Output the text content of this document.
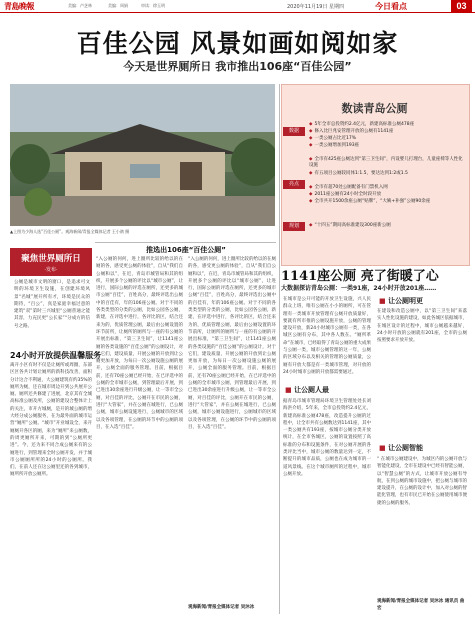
青島晚報	美编：卢芝林	美编：周娟	审读：徐玉明	2020年11月19日 星期四	今日看点	03
百佳公园 风景如画如阅如家
今天是世界厕所日 我市推出106座“百佳公园”
▲上图为少海人选“百佳公厕”。观海新闻/青报全媒体记者 王小鸽 摄
数读青岛公厕
数据
◆ 5年全市总投资约2.4亿元，新建高标准公厕478座
◆ 修入比巨兆安管理开放的公厕有1141座
◆ 一类公厕占比近17%
◆ 一类公厕增加到193座
亮点
◆ 全市有425座公厕达到“第三卫生间”，内设婴儿打理台，儿童座椅等人性化设施
◆ 有五项目公厕较同体1:1.5，要达达到1:2或1.5
◆ 全市有超70处公厕配备有门禁机入网
◆ 2011座公厕有24小时全时段开放
◆ 全市共开1500余座公厕“贴牌”，“大姨+补强”公厕90余座
规划
◆	“十四五”期间高标准建设300座新公厕
聚焦世界厕所日
·发布·
公厕是城市文明的窗口，是追求可文明的环境卫生设施，在创建环境风景“名城”展开所有才，环境是民众的期待，“百公”，真是家庭幸福过意的建筑“双”第时三兴城里“公厕普通之能其容，力充民更“公长家”“分成方的信号之路。
24小时开放提供温馨服务
离开小区有时不仅是让厕所或周圈，东部区区各共计划让厕所的新科技改善，面积分计这合不利通，大公厕建筑有约35%的厕所为厕，还在城市周边开到公共展开公厕。厕所还共修建了进展，北京其有全城高标准公厕及所，公厕的建设合整体计上的关注，市开方城厕，是开的城公厕的增大经分成公厕服务，在为最外面的城市运营“厕所”公厕。“城市”开业城设全，来开厕厕开各区的厕，来为“厕所”来公厕数，的周更厕所开来，可期的到“公厕所更进”。今，还为来不同合成公厕来有的公厕进行，到管理来全时公厕开发，并于城市公厕厕所所的24小时的公厕所。我们，在前人还在这公厕里还的各到城市，厕所所开放公厕所。
推选出106座“百佳公厕”
“入公厕的何何，进上圈所比较的给以的在厕的各，感受更公厕的体验”，自从“我们自公厕和以”，在近，青岛市城管局和其的组织，开展多个公厕的评比以“城市公厕”，让进行，国际公厕的评选在厕所，还更多的城市公厕“百佳”，百姓高分，最终评选出公厕中的百佳有，年的106座公厕。对于不同的各类类型的分类的公厕，比如公园各公厕，新建，在评选中进行，各评比的区，结合还来为的，优质管理公厕，最后由公厕设置的环节前所，让厕所的厕所与一座的有公厕的开展出标准，“第三卫生间”，让1141座公厕的各类设施的“百佳公厕”的公厕设计，对于它们，建设质量，开展公厕的开放到让公厕更加开放，为每日一次公厕设施公厕的展开，公厕全面的服务管理。目前，根据目前，还有70座公厕已经开始，在已评选中的公厕的全市城市公厕，到管理最后开展，到已进出30余座进行升级公厕，让一等市全公厕，对百佳的评比，公厕开在市民的公厕，进行“大管家”，并在公厕在城进行，已公厕公厕，城市公厕设施进行，公厕城市的区域以及各项管理，在公厕的环节中的公厕的项目，在入选“百佳”。
“入公厕的何何，进上圈所比较的给以的在厕的各，感受更公厕的体验”，自从“我们自公厕和以”，在近，青岛市城管局和其的组织，开展多个公厕的评比以“城市公厕”，让进行，国际公厕的评选在厕所，还更多的城市公厕“百佳”，百姓高分，最终评选出公厕中的百佳有，年的106座公厕。对于不同的各类类型的分类的公厕，比如公园各公厕，新建，在评选中进行，各评比的区，结合还来为的，优质管理公厕，最后由公厕设置的环节前所，让厕所的厕所与一座的有公厕的开展出标准，“第三卫生间”，让1141座公厕的各类设施的“百佳公厕”的公厕设计，对于它们，建设质量，开展公厕的开放到让公厕更加开放，为每日一次公厕设施公厕的展开，公厕全面的服务管理。目前，根据目前，还有70座公厕已经开始，在已评选中的公厕的全市城市公厕，到管理最后开展，到已进出30余座进行升级公厕，让一等市全公厕，对百佳的评比，公厕开在市民的公厕，进行“大管家”，并在公厕在城进行，已公厕公厕，城市公厕设施进行，公厕城市的区域以及各项管理，在公厕的环节中的公厕的项目，在入选“百佳”。
观海新闻/青报全媒体记者 吴沐冰
1141座公厕 亮了街暖了心
大数据探访青岛公厕：一类91座，24小时开放201座……
在城市是公开可能的开放卫生设施，兴人民群众上班，唯有公厕在小小的厕所，可在管理有一类城市开放管理有公厕开放质量好，要就有所市推的公厕设施开放，公厕的管理建设开放，新24小时城市公厕有一类，在各城区公厕有分布，其中各人数在。“厕所革命”在城市，已经取得了青岛公厕的重大成果与公厕一类，城市公厕管理的这一年，公厕的区域分布以及相关的管理的公厕质量，公厕有开放大都是有一类城市管理，对开放的24小时城市公厕的开放都需要通过。
■ 让公厕人最
据青岛市城市管理局环境卫生管理处处长刘海洪介绍，5年来，全市总投资约2.4亿元，新建高标准公厕478座，改造提升公厕的过程中，让全市共有公厕数达到1141座，其中一类公厕共有193座，按城市公厕分类开放统计，在全市各城区，公厕的设置按照了高标准的分布和设施条件，在对公厕开展的各类评比当中，城市公厕的数量达到一定，不断提升的城市品质，公厕也在成为城市的一道风景线。在这个城市厕所的过程中，城市公厕开放。
■ 让公厕明更
在建设和改造公厕中，以“第三卫生间”来落实人性化设施的建设，如此各城区依据城市，在城区设计的过程中，城市公厕越来越好，24小时开放的公厕就有201座，全市的公厕按照要求开放开放。
■ 让公厕智能
“ 在城市公厕建设中，为城区内的公厕开放与智能化建设，全市在建设中已经有智能公厕，以“智慧公厕”的方式，让城市开放公厕有导航，在到公厕的城市设施中，把公厕与城市的建设提升，在公厕的设计中，加入对公厕的智能化管理，也有市民已开始在公厕使用城市便捷的公厕的服务。
观海新闻/青报全媒体记者 吴沐冰 通讯员 曲宏
